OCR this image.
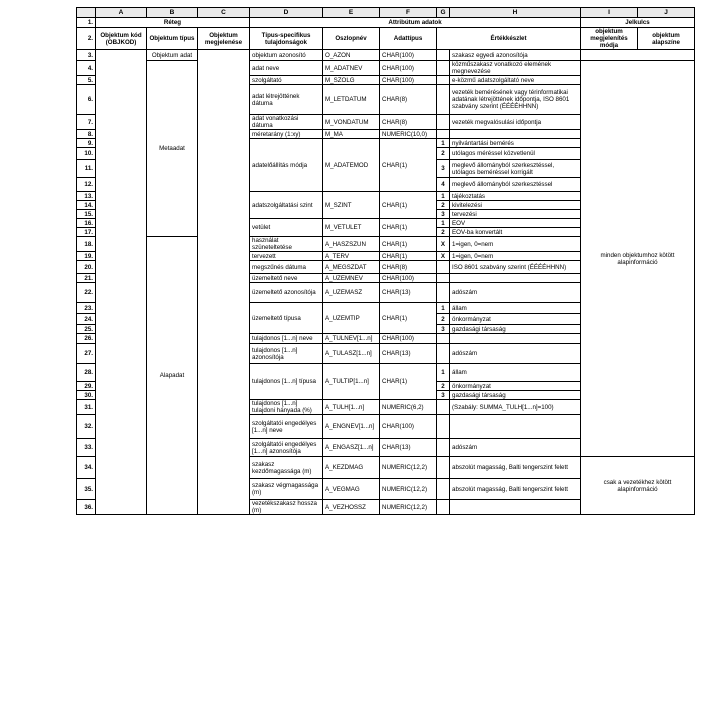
	A	B	C	D	E	F	G	H	I	J
1.	Réteg			Attribútum adatok					Jelkulcs	
2.	Objektum kód (OBJKOD)	Objektum típus	Objektum megjelenése	Típus-specifikus tulajdonságok	Oszlopnév	Adattípus	Értékkészlet		objektum megjelenítés módja	objektum alapszíne
3.		Objektum adat		objektum azonosító	O_AZON	CHAR(100)		szakasz egyedi azonosítója		
4.		Metaadat		adat neve	M_ADATNEV	CHAR(100)		közműszakasz vonatkozó elemének megnevezése	minden objektumhoz kötött alapinformáció	
5.				szolgáltató	M_SZOLG	CHAR(100)		e-közmű adatszolgáltató neve		
6.				adat létrejöttének dátuma	M_LETDATUM	CHAR(8)		vezeték bemérésének vagy térinformatikai adatának létrejöttének időpontja, ISO 8601 szabvány szerint (ÉÉÉÉHHNN)		
7.				adat vonatkozási dátuma	M_VONDATUM	CHAR(8)		vezeték megvalósulási időpontja		
8.				méretarány (1:xy)	M_MA	NUMERIC(10,0)				
9.				adatelőállítás módja	M_ADATEMOD	CHAR(1)	1	nyilvántartási bemérés		
10.							2	utólagos méréssel közvetlenül		
11.							3	meglevő állományból szerkesztéssel, utólagos beméréssel korrigált		
12.							4	meglevő állományból szerkesztéssel		
13.				adatszolgáltatási szint	M_SZINT	CHAR(1)	1	tájékoztatás		
14.							2	kivitelezési		
15.							3	tervezési		
16.				vetület	M_VETULET	CHAR(1)	1	EOV		
17.							2	EOV-ba konvertált		
18.		Alapadat		használat szüneteltetése	A_HASZSZUN	CHAR(1)	X	1=igen, 0=nem		
19.				tervezett	A_TERV	CHAR(1)	X	1=igen, 0=nem		
20.				megszűnés dátuma	A_MEGSZDAT	CHAR(8)		ISO 8601 szabvány szerint (ÉÉÉÉHHNN)		
21.				üzemeltető neve	A_UZEMNEV	CHAR(100)				
22.				üzemeltető azonosítója	A_UZEMASZ	CHAR(13)		adószám		
23.				üzemeltető típusa	A_UZEMTIP	CHAR(1)	1	állam		
24.							2	önkormányzat		
25.							3	gazdasági társaság		
26.				tulajdonos [1...n] neve	A_TULNEV[1...n]	CHAR(100)				
27.				tulajdonos [1...n] azonosítója	A_TULASZ[1...n]	CHAR(13)		adószám		
28.				tulajdonos [1...n] típusa	A_TULTIP[1...n]	CHAR(1)	1	állam		
29.							2	önkormányzat		
30.							3	gazdasági társaság		
31.				tulajdonos [1...n] tulajdoni hányada (%)	A_TULH[1...n]	NUMERIC(6,2)		(Szabály: SUMMA_TULH[1...n]=100)		
32.				szolgáltatói engedélyes [1...n] neve	A_ENGNEV[1...n]	CHAR(100)				
33.				szolgáltatói engedélyes [1...n] azonosítója	A_ENGASZ[1...n]	CHAR(13)		adószám		
34.				szakasz kezdőmagassága (m)	A_KEZDMAG	NUMERIC(12,2)		abszolút magasság, Balti tengerszint felett	csak a vezetékhez kötött alapinformáció	
35.				szakasz végmagassága (m)	A_VEGMAG	NUMERIC(12,2)		abszolút magasság, Balti tengerszint felett		
36.				vezetékszakasz hossza (m)	A_VEZHOSSZ	NUMERIC(12,2)				
